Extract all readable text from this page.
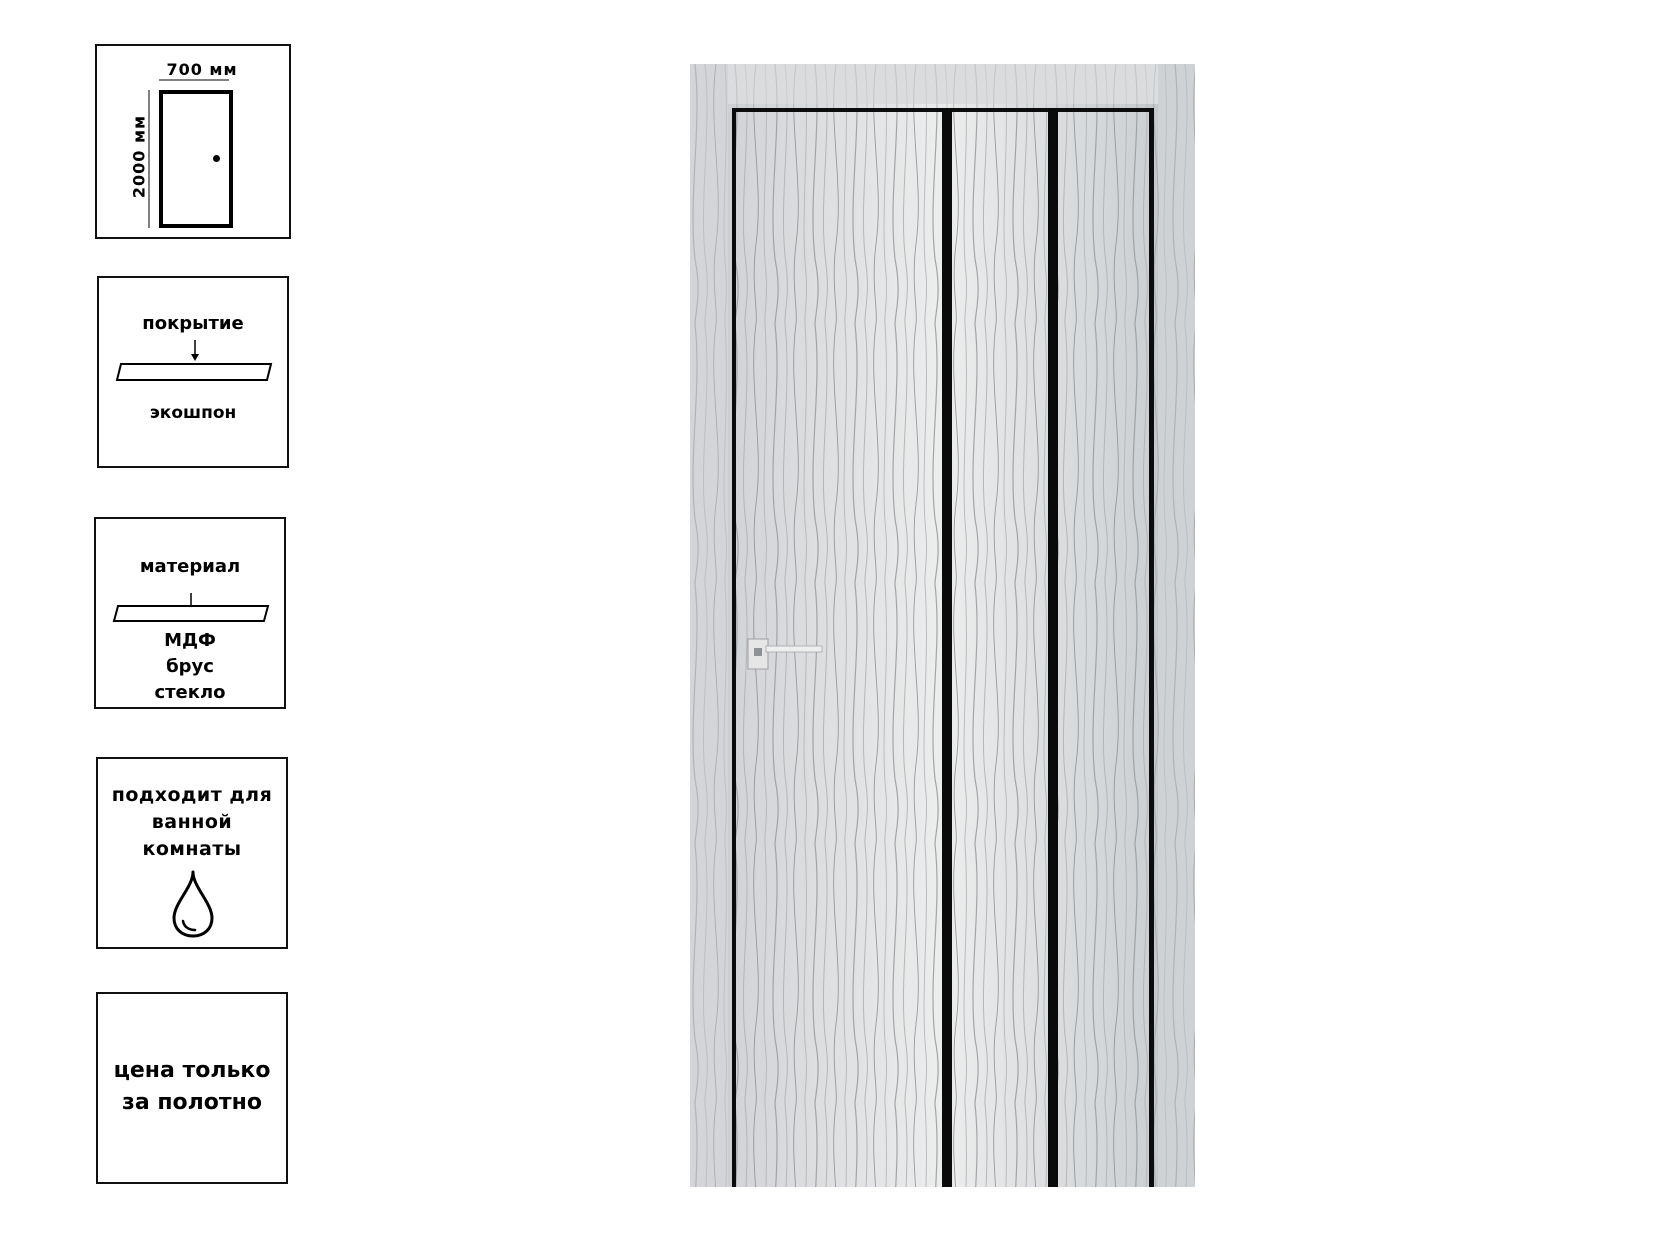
700 мм
2000 мм
покрытие
экошпон
материал
МДФ
брус
стекло
подходит для
ванной
комнаты
цена только
за полотно
